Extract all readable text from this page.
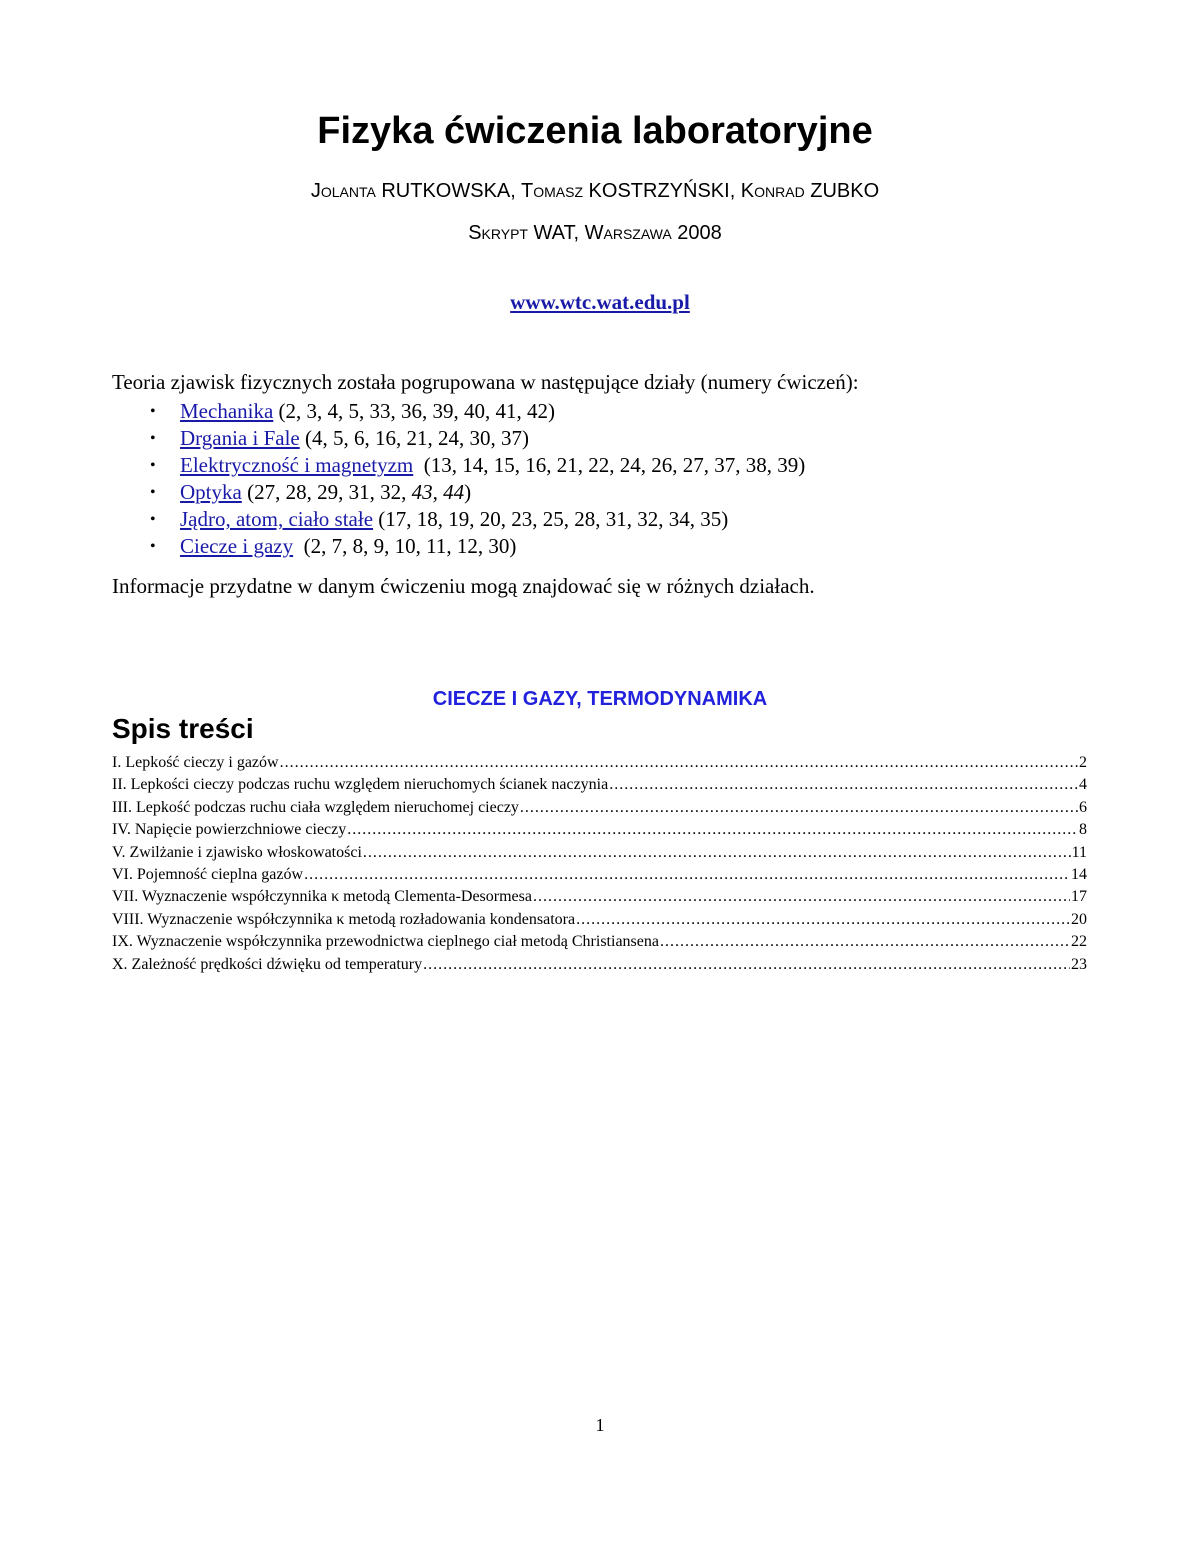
Fizyka ćwiczenia laboratoryjne
Jolanta RUTKOWSKA, Tomasz KOSTRZYŃSKI, Konrad ZUBKO
Skrypt WAT, Warszawa 2008
www.wtc.wat.edu.pl
Teoria zjawisk fizycznych została pogrupowana w następujące działy (numery ćwiczeń):
• Mechanika (2, 3, 4, 5, 33, 36, 39, 40, 41, 42)
• Drgania i Fale (4, 5, 6, 16, 21, 24, 30, 37)
• Elektryczność i magnetyzm  (13, 14, 15, 16, 21, 22, 24, 26, 27, 37, 38, 39)
• Optyka (27, 28, 29, 31, 32, 43, 44)
• Jądro, atom, ciało stałe (17, 18, 19, 20, 23, 25, 28, 31, 32, 34, 35)
• Ciecze i gazy  (2, 7, 8, 9, 10, 11, 12, 30)
Informacje przydatne w danym ćwiczeniu mogą znajdować się w różnych działach.
CIECZE I GAZY, TERMODYNAMIKA
Spis treści
I. Lepkość cieczy i gazów .....	2
II. Lepkości cieczy podczas ruchu względem nieruchomych ścianek naczynia .....	4
III. Lepkość podczas ruchu ciała względem nieruchomej cieczy .....	6
IV. Napięcie powierzchniowe cieczy .....	8
V. Zwilżanie i zjawisko włoskowatości .....	11
VI. Pojemność cieplna gazów .....	14
VII. Wyznaczenie współczynnika κ metodą Clementa-Desormesa .....	17
VIII. Wyznaczenie współczynnika κ metodą rozładowania kondensatora .....	20
IX. Wyznaczenie współczynnika przewodnictwa cieplnego ciał metodą Christiansena .....	22
X. Zależność prędkości dźwięku od temperatury .....	23
1
